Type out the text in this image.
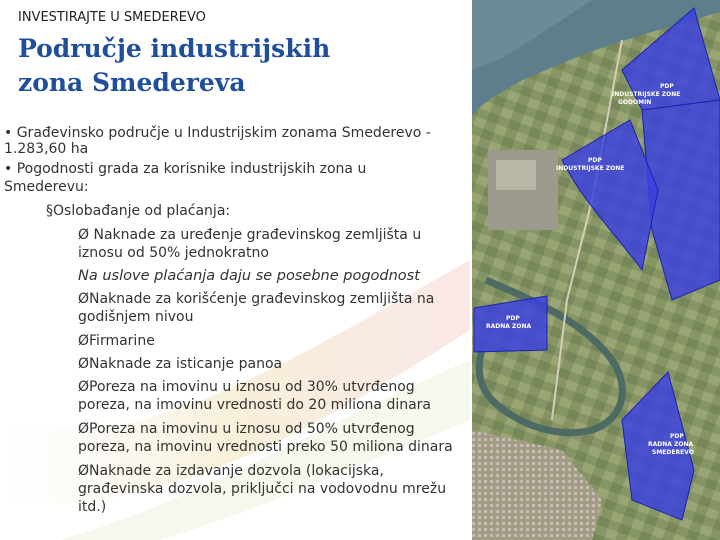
INVESTIRAJTE U SMEDEREVO
Područje industrijskih
zona Smedereva
• Građevinsko područje u Industrijskim zonama Smederevo -
1.283,60 ha
• Pogodnosti grada za korisnike industrijskih zona u
Smederevu:
§Oslobađanje od plaćanja:
Ø Naknade za uređenje građevinskog zemljišta u
iznosu od 50% jednokratno
Na uslove plaćanja daju se posebne pogodnost
ØNaknade za korišćenje građevinskog zemljišta na
godišnjem nivou
ØFirmarine
ØNaknade za isticanje panoa
ØPoreza na imovinu u iznosu od 30% utvrđenog
poreza, na imovinu vrednosti do 20 miliona dinara
ØPoreza na imovinu u iznosu od 50% utvrđenog
poreza, na imovinu vrednosti preko 50 miliona dinara
ØNaknade za izdavanje dozvola (lokacijska,
građevinska dozvola, priključci na vodovodnu mrežu
itd.)
PDP
INDUSTRIJSKE ZONE
GODOMIN
PDP
INDUSTRIJSKE ZONE
PDP
RADNA ZONA
PDP
RADNA ZONA
SMEDEREVO
